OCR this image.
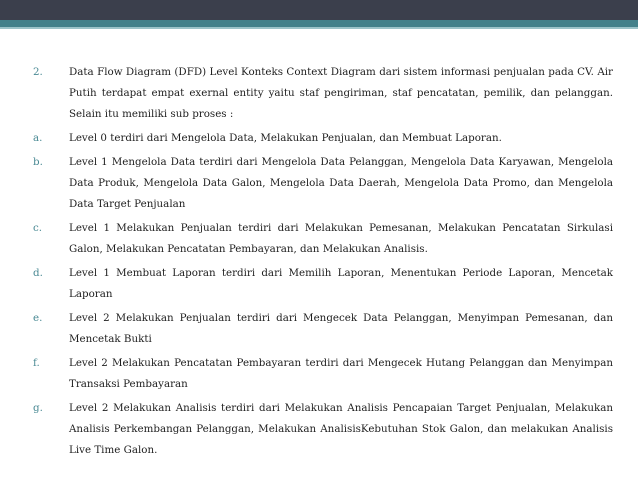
2.	Data Flow Diagram (DFD) Level Konteks Context Diagram dari sistem informasi penjualan pada CV. Air Putih terdapat empat exernal entity yaitu staf pengiriman, staf pencatatan, pemilik, dan pelanggan. Selain itu memiliki sub proses :
a.	Level 0 terdiri dari Mengelola Data, Melakukan Penjualan, dan Membuat Laporan.
b.	Level 1 Mengelola Data terdiri dari Mengelola Data Pelanggan, Mengelola Data Karyawan, Mengelola Data Produk, Mengelola Data Galon, Mengelola Data Daerah, Mengelola Data Promo, dan Mengelola Data Target Penjualan
c.	Level 1 Melakukan Penjualan terdiri dari Melakukan Pemesanan, Melakukan Pencatatan Sirkulasi Galon, Melakukan Pencatatan Pembayaran, dan Melakukan Analisis.
d.	Level 1 Membuat Laporan terdiri dari Memilih Laporan, Menentukan Periode Laporan, Mencetak Laporan
e.	Level 2 Melakukan Penjualan terdiri dari Mengecek Data Pelanggan, Menyimpan Pemesanan, dan Mencetak Bukti
f.	Level 2 Melakukan Pencatatan Pembayaran terdiri dari Mengecek Hutang Pelanggan dan Menyimpan Transaksi Pembayaran
g.	Level 2 Melakukan Analisis terdiri dari Melakukan Analisis Pencapaian Target Penjualan, Melakukan Analisis Perkembangan Pelanggan, Melakukan AnalisisKebutuhan Stok Galon, dan melakukan Analisis Live Time Galon.
